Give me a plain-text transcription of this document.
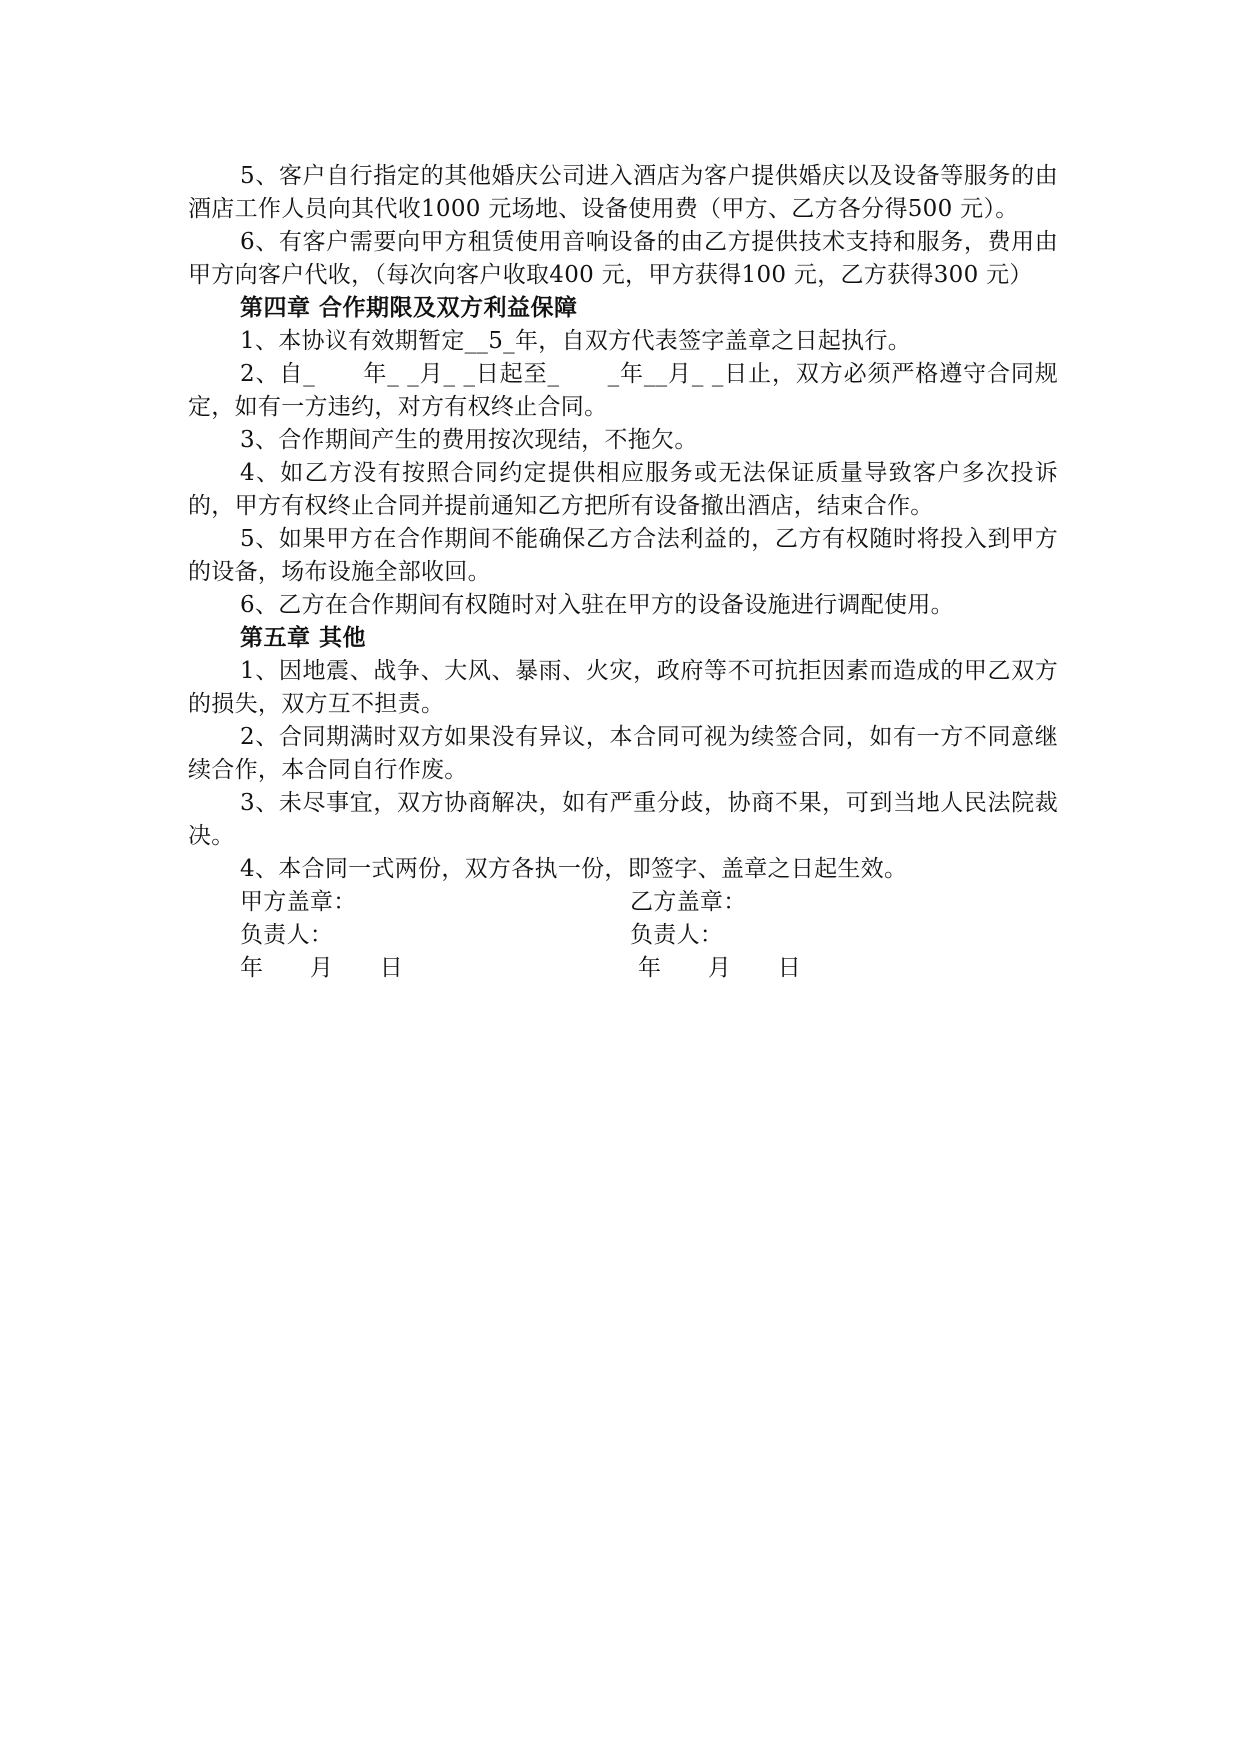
5、客户自行指定的其他婚庆公司进入酒店为客户提供婚庆以及设备等服务的由酒店工作人员向其代收1000 元场地、设备使用费（甲方、乙方各分得500 元）。

6、有客户需要向甲方租赁使用音响设备的由乙方提供技术支持和服务，费用由甲方向客户代收，（每次向客户收取400 元，甲方获得100 元，乙方获得300 元）

第四章 合作期限及双方利益保障

1、本协议有效期暂定__5_年，自双方代表签字盖章之日起执行。

2、自_　　年_ _月_ _日起至_　　_年__月_ _日止，双方必须严格遵守合同规定，如有一方违约，对方有权终止合同。

3、合作期间产生的费用按次现结，不拖欠。

4、如乙方没有按照合同约定提供相应服务或无法保证质量导致客户多次投诉的，甲方有权终止合同并提前通知乙方把所有设备撤出酒店，结束合作。

5、如果甲方在合作期间不能确保乙方合法利益的，乙方有权随时将投入到甲方的设备，场布设施全部收回。

6、乙方在合作期间有权随时对入驻在甲方的设备设施进行调配使用。

第五章 其他

1、因地震、战争、大风、暴雨、火灾，政府等不可抗拒因素而造成的甲乙双方的损失，双方互不担责。

2、合同期满时双方如果没有异议，本合同可视为续签合同，如有一方不同意继续合作，本合同自行作废。

3、未尽事宜，双方协商解决，如有严重分歧，协商不果，可到当地人民法院裁决。

4、本合同一式两份，双方各执一份，即签字、盖章之日起生效。

甲方盖章：	乙方盖章：
负责人：	负责人：
年　　月　　日	年　　月　　日
